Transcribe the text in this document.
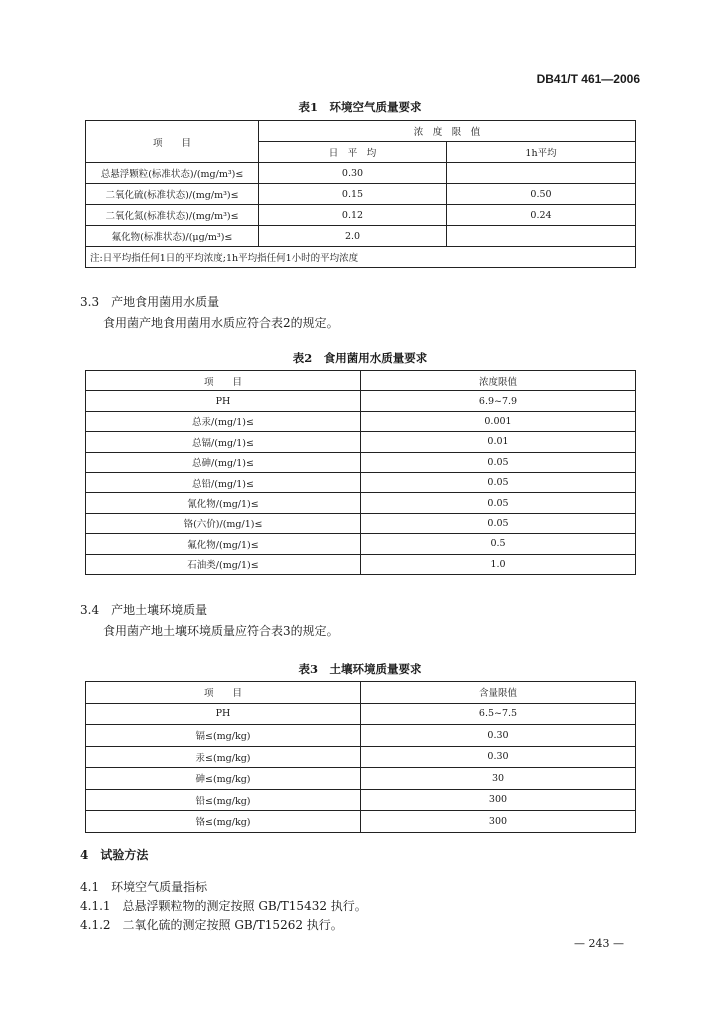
DB41/T 461—2006
表1　环境空气质量要求
项　　目	浓　度　限　值	
	日　平　均	1h平均
总悬浮颗粒(标准状态)/(mg/m³)≤	0.30	
二氧化硫(标准状态)/(mg/m³)≤	0.15	0.50
二氧化氮(标准状态)/(mg/m³)≤	0.12	0.24
氟化物(标准状态)/(μg/m³)≤	2.0	
注:日平均指任何1日的平均浓度;1h平均指任何1小时的平均浓度		
3.3　产地食用菌用水质量
食用菌产地食用菌用水质应符合表2的规定。
表2　食用菌用水质量要求
项　　目	浓度限值
PH	6.9~7.9
总汞/(mg/1)≤	0.001
总镉/(mg/1)≤	0.01
总砷/(mg/1)≤	0.05
总铅/(mg/1)≤	0.05
氰化物/(mg/1)≤	0.05
铬(六价)/(mg/1)≤	0.05
氟化物/(mg/1)≤	0.5
石油类/(mg/1)≤	1.0
3.4　产地土壤环境质量
食用菌产地土壤环境质量应符合表3的规定。
表3　土壤环境质量要求
项　　目	含量限值
PH	6.5~7.5
镉≤(mg/kg)	0.30
汞≤(mg/kg)	0.30
砷≤(mg/kg)	30
铅≤(mg/kg)	300
铬≤(mg/kg)	300
4　试验方法
4.1　环境空气质量指标
4.1.1　总悬浮颗粒物的测定按照 GB/T15432 执行。
4.1.2　二氧化硫的测定按照 GB/T15262 执行。
— 243 —
